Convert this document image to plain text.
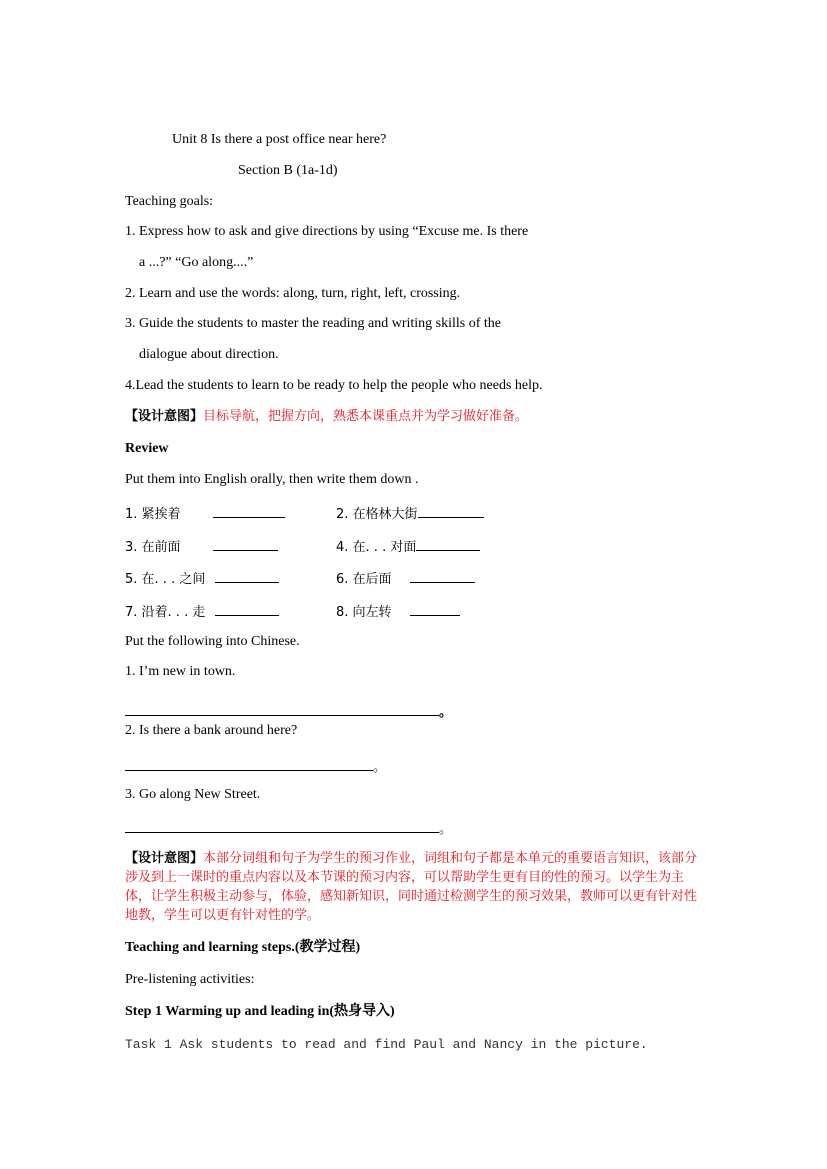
Unit 8 Is there a post office near here?
Section B (1a-1d)
Teaching goals:
1. Express how to ask and give directions by using “Excuse me. Is there
a ...?” “Go along....”
2. Learn and use the words: along, turn, right, left, crossing.
3. Guide the students to master the reading and writing skills of the
dialogue about direction.
4.Lead the students to learn to be ready to help the people who needs help.
【设计意图】目标导航，把握方向，熟悉本课重点并为学习做好准备。
Review
Put them into English orally, then write them down .
1. 紧挨着	2. 在格林大街
3. 在前面	4. 在. . . 对面
5. 在. . . 之间	6. 在后面
7. 沿着. . . 走	8. 向左转
Put the following into Chinese.
1. I’m new in town.
。
2. Is there a bank around here?
。
3. Go along New Street.
。
【设计意图】本部分词组和句子为学生的预习作业，词组和句子都是本单元的重要语言知识，该部分涉及到上一课时的重点内容以及本节课的预习内容，可以帮助学生更有目的性的预习。以学生为主体，让学生积极主动参与，体验，感知新知识，同时通过检测学生的预习效果，教师可以更有针对性地教，学生可以更有针对性的学。
Teaching and learning steps.(教学过程)
Pre-listening activities:
Step 1 Warming up and leading in(热身导入)
Task 1 Ask students to read and find Paul and Nancy in the picture.
